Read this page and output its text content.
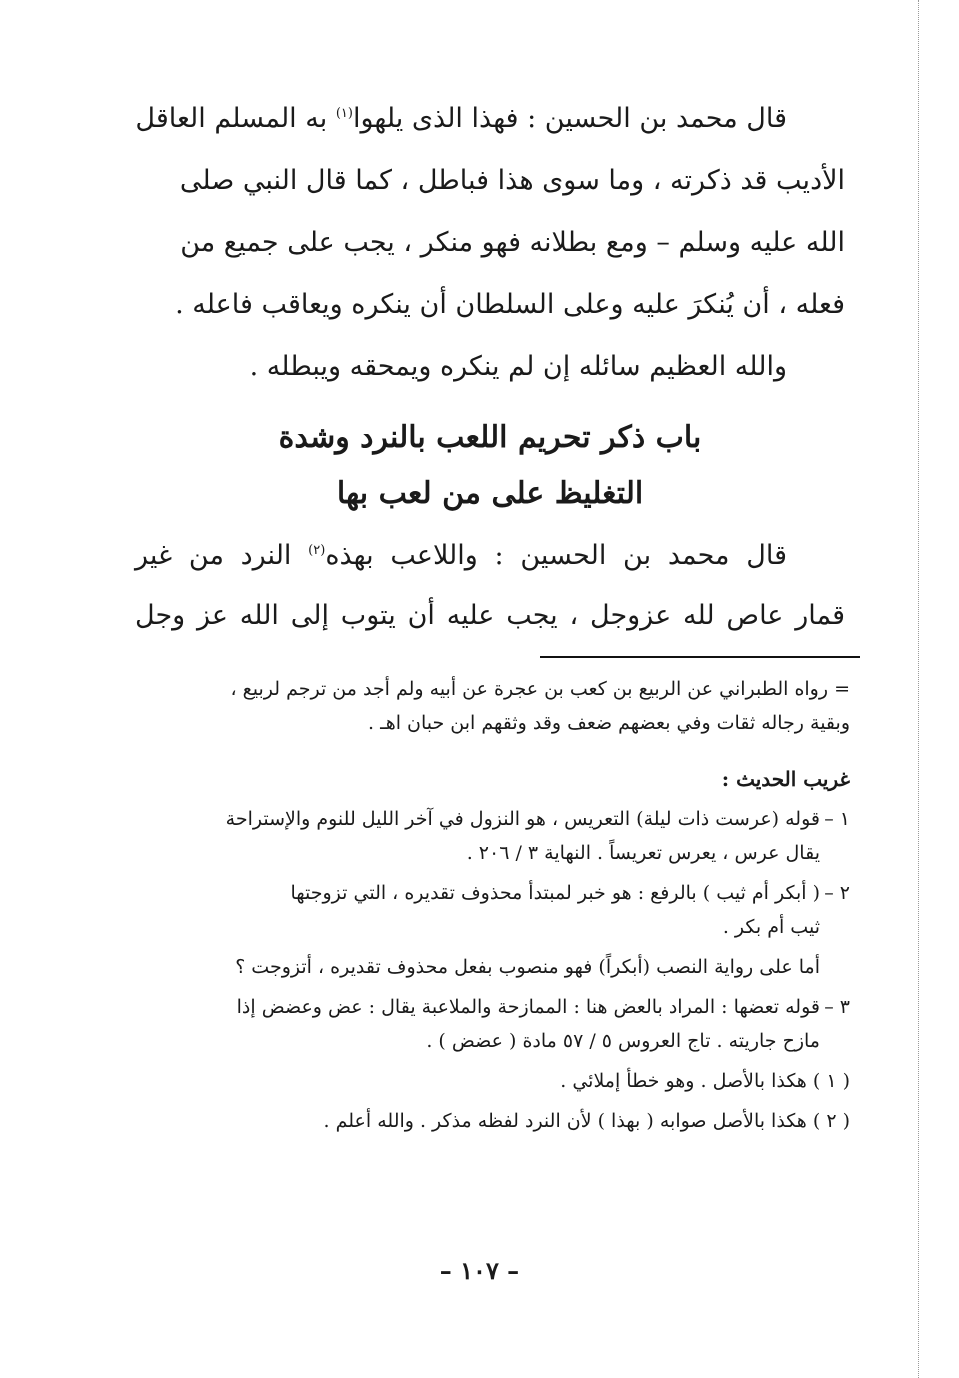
قال محمد بن الحسين : فهذا الذى يلهوا$^{(١)}$ به المسلم العاقل

الأديب قد ذكرته ، وما سوى هذا فباطل ، كما قال النبي صلى

الله عليه وسلم – ومع بطلانه فهو منكر ، يجب على جميع من

فعله ، أن يُنكرَ عليه وعلى السلطان أن ينكره ويعاقب فاعله .

والله العظيم سائله إن لم ينكره ويمحقه ويبطله .

باب ذكر تحريم اللعب بالنرد وشدة
التغليظ على من لعب بها

قال محمد بن الحسين : واللاعب بهذه$^{(٢)}$ النرد من غير

قمار عاص لله عزوجل ، يجب عليه أن يتوب إلى الله عز وجل

= رواه الطبراني عن الربيع بن كعب بن عجرة عن أبيه ولم أجد من ترجم لربيع ،

وبقية رجاله ثقات وفي بعضهم ضعف وقد وثقهم ابن حبان اهـ .

غريب الحديث :

١ –

قوله (عرست ذات ليلة) التعريس ، هو النزول في آخر الليل للنوم والإستراحة

يقال عرس ، يعرس تعريساً . النهاية ٣ / ٢٠٦ .

٢ –

( أبكر أم ثيب ) بالرفع : هو خبر لمبتدأ محذوف تقديره ، التي تزوجتها

ثيب أم بكر .

أما على رواية النصب (أبكراً) فهو منصوب بفعل محذوف تقديره ، أتزوجت ؟

٣ –

قوله تعضها : المراد بالعض هنا : الممازحة والملاعبة يقال : عض وعضض إذا

مازح جاريته . تاج العروس ٥ / ٥٧ مادة ( عضض ) .

( ١ ) هكذا بالأصل . وهو خطأ إملائي .

( ٢ ) هكذا بالأصل صوابه ( بهذا ) لأن النرد لفظه مذكر . والله أعلم .

– ١٠٧ –
